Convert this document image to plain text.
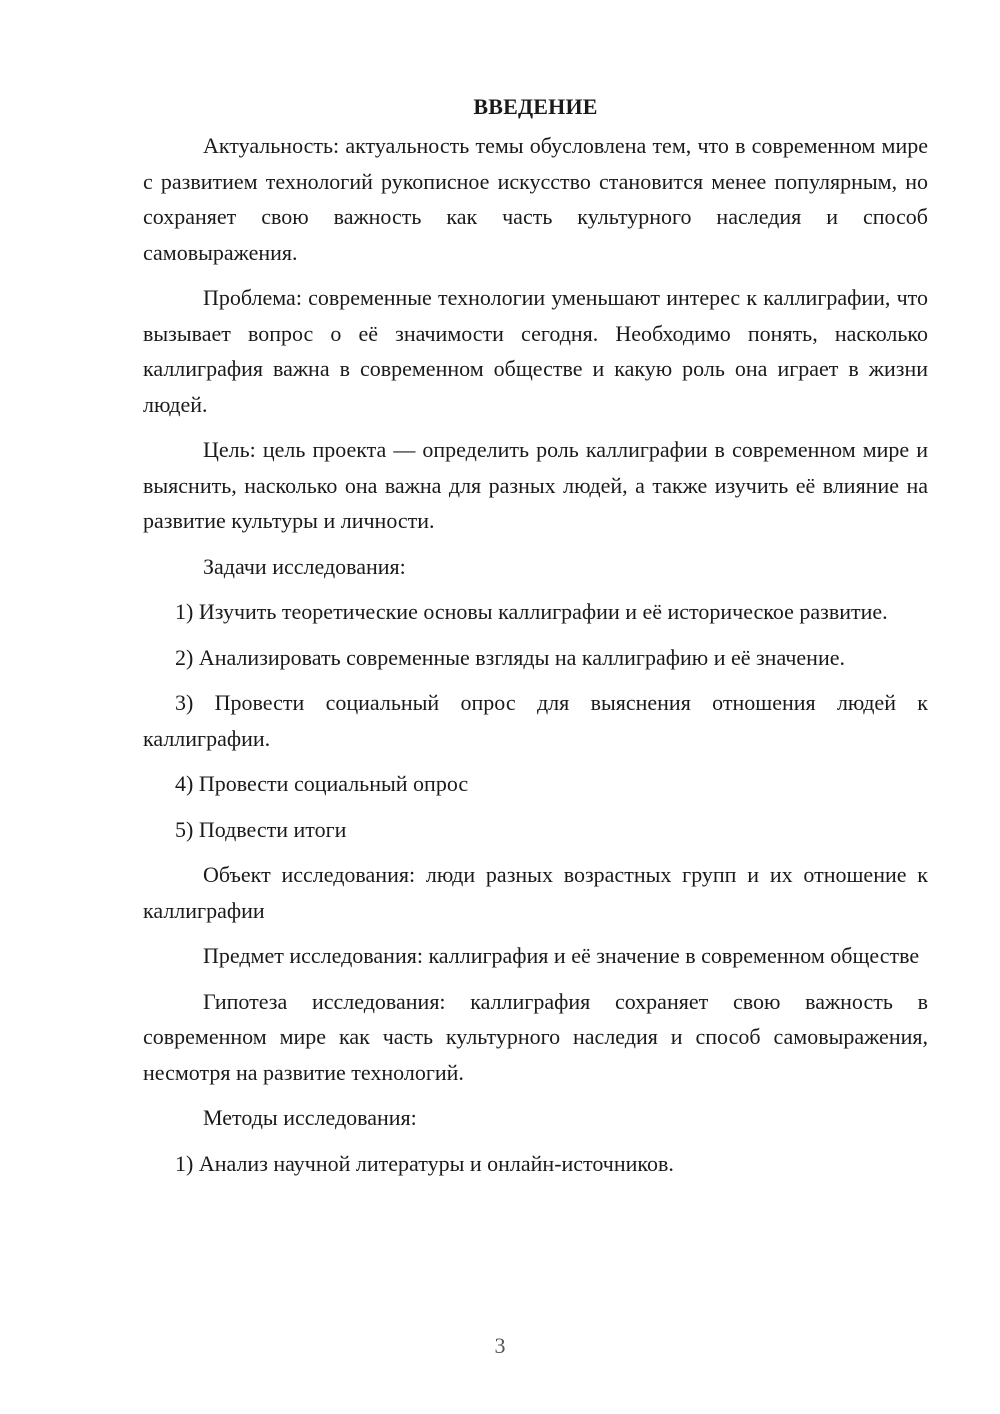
ВВЕДЕНИЕ

Актуальность: актуальность темы обусловлена тем, что в современном мире с развитием технологий рукописное искусство становится менее популярным, но сохраняет свою важность как часть культурного наследия и способ самовыражения.

Проблема: современные технологии уменьшают интерес к каллиграфии, что вызывает вопрос о её значимости сегодня. Необходимо понять, насколько каллиграфия важна в современном обществе и какую роль она играет в жизни людей.

Цель: цель проекта — определить роль каллиграфии в современном мире и выяснить, насколько она важна для разных людей, а также изучить её влияние на развитие культуры и личности.

Задачи исследования:

1) Изучить теоретические основы каллиграфии и её историческое развитие.

2) Анализировать современные взгляды на каллиграфию и её значение.

3) Провести социальный опрос для выяснения отношения людей к каллиграфии.

4) Провести социальный опрос

5) Подвести итоги

Объект исследования: люди разных возрастных групп и их отношение к каллиграфии

Предмет исследования: каллиграфия и её значение в современном обществе

Гипотеза исследования: каллиграфия сохраняет свою важность в современном мире как часть культурного наследия и способ самовыражения, несмотря на развитие технологий.

Методы исследования:

1) Анализ научной литературы и онлайн-источников.

3
